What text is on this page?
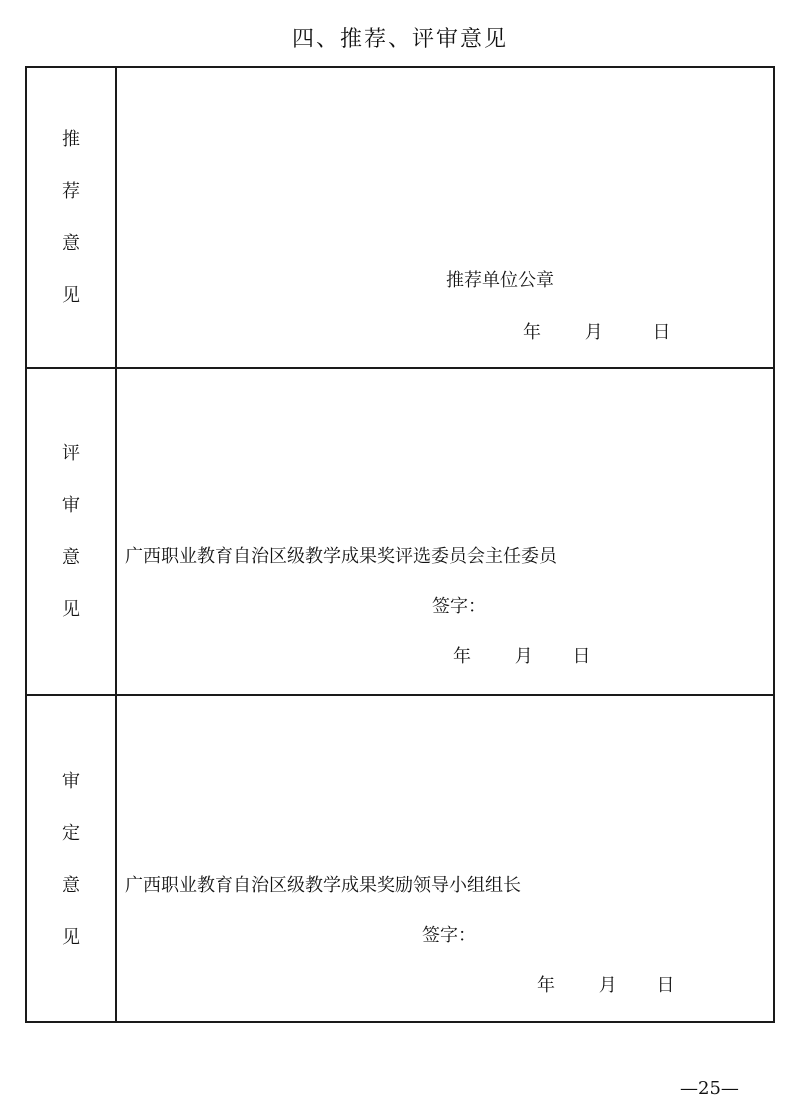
四、推荐、评审意见
推
荐
意
见
推荐单位公章
年 月	日
评
审
意
见
广西职业教育自治区级教学成果奖评选委员会主任委员
签字：
年 月 日
审
定
意
见
广西职业教育自治区级教学成果奖励领导小组组长
签字：
年 月 日
—25—
